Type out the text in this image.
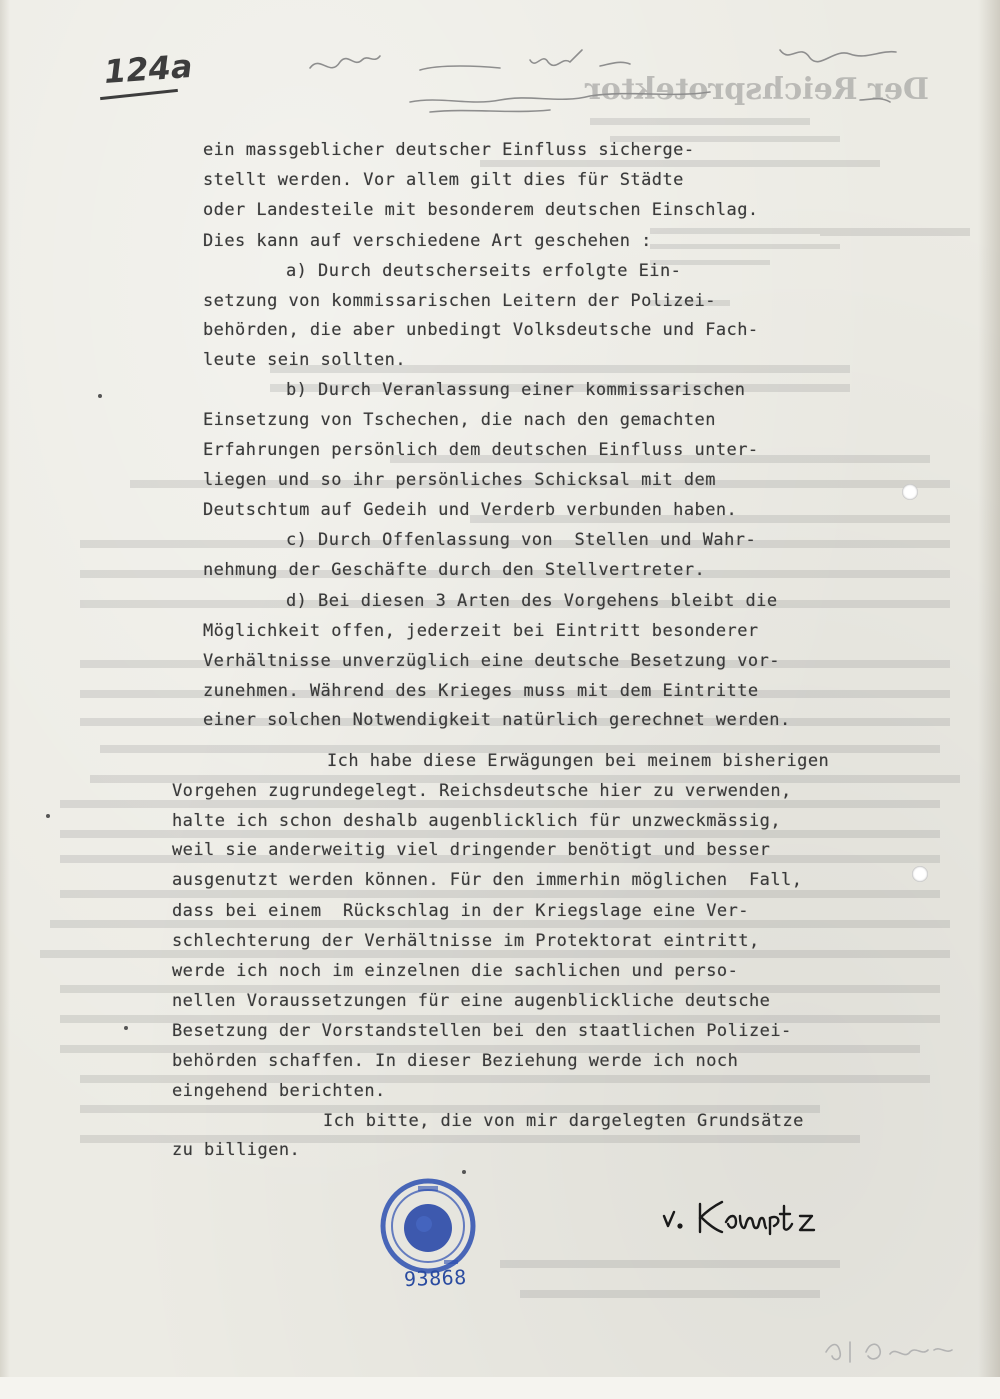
Der Reichsprotektor
124a
ein massgeblicher deutscher Einfluss sicherge-
stellt werden. Vor allem gilt dies für Städte
oder Landesteile mit besonderem deutschen Einschlag.
Dies kann auf verschiedene Art geschehen :
a) Durch deutscherseits erfolgte Ein-
setzung von kommissarischen Leitern der Polizei-
behörden, die aber unbedingt Volksdeutsche und Fach-
leute sein sollten.
b) Durch Veranlassung einer kommissarischen
Einsetzung von Tschechen, die nach den gemachten
Erfahrungen persönlich dem deutschen Einfluss unter-
liegen und so ihr persönliches Schicksal mit dem
Deutschtum auf Gedeih und Verderb verbunden haben.
c) Durch Offenlassung von  Stellen und Wahr-
nehmung der Geschäfte durch den Stellvertreter.
d) Bei diesen 3 Arten des Vorgehens bleibt die
Möglichkeit offen, jederzeit bei Eintritt besonderer
Verhältnisse unverzüglich eine deutsche Besetzung vor-
zunehmen. Während des Krieges muss mit dem Eintritte
einer solchen Notwendigkeit natürlich gerechnet werden.
Ich habe diese Erwägungen bei meinem bisherigen
Vorgehen zugrundegelegt. Reichsdeutsche hier zu verwenden,
halte ich schon deshalb augenblicklich für unzweckmässig,
weil sie anderweitig viel dringender benötigt und besser
ausgenutzt werden können. Für den immerhin möglichen  Fall,
dass bei einem  Rückschlag in der Kriegslage eine Ver-
schlechterung der Verhältnisse im Protektorat eintritt,
werde ich noch im einzelnen die sachlichen und perso-
nellen Voraussetzungen für eine augenblickliche deutsche
Besetzung der Vorstandstellen bei den staatlichen Polizei-
behörden schaffen. In dieser Beziehung werde ich noch
eingehend berichten.
Ich bitte, die von mir dargelegten Grundsätze
zu billigen.
93868
